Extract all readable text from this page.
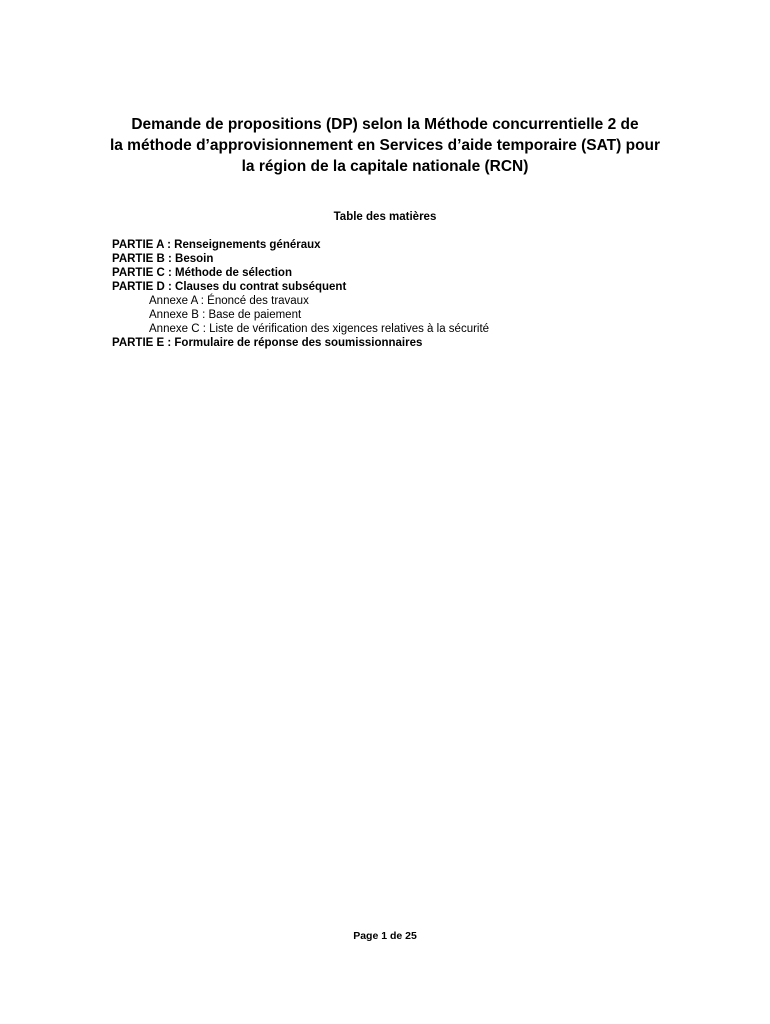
Demande de propositions (DP) selon la Méthode concurrentielle 2 de
la méthode d’approvisionnement en Services d’aide temporaire (SAT) pour
la région de la capitale nationale (RCN)
Table des matières
PARTIE A : Renseignements généraux
PARTIE B : Besoin
PARTIE C : Méthode de sélection
PARTIE D : Clauses du contrat subséquent
Annexe A : Énoncé des travaux
Annexe B : Base de paiement
Annexe C : Liste de vérification des xigences relatives à la sécurité
PARTIE E : Formulaire de réponse des soumissionnaires
Page 1 de 25
